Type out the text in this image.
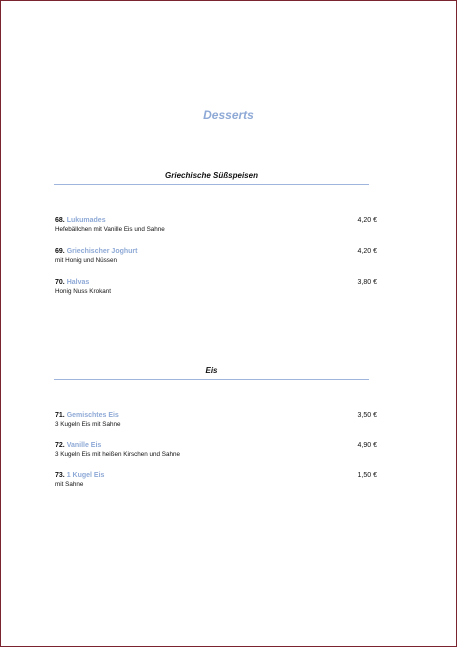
Desserts
Griechische Süßspeisen
68. Lukumades
Hefebällchen mit Vanille Eis und Sahne
4,20 €
69. Griechischer Joghurt
mit Honig und Nüssen
4,20 €
70. Halvas
Honig Nuss Krokant
3,80 €
Eis
71. Gemischtes Eis
3 Kugeln Eis mit Sahne
3,50 €
72. Vanille Eis
3 Kugeln Eis mit heißen Kirschen und Sahne
4,90 €
73. 1 Kugel Eis
mit Sahne
1,50 €
